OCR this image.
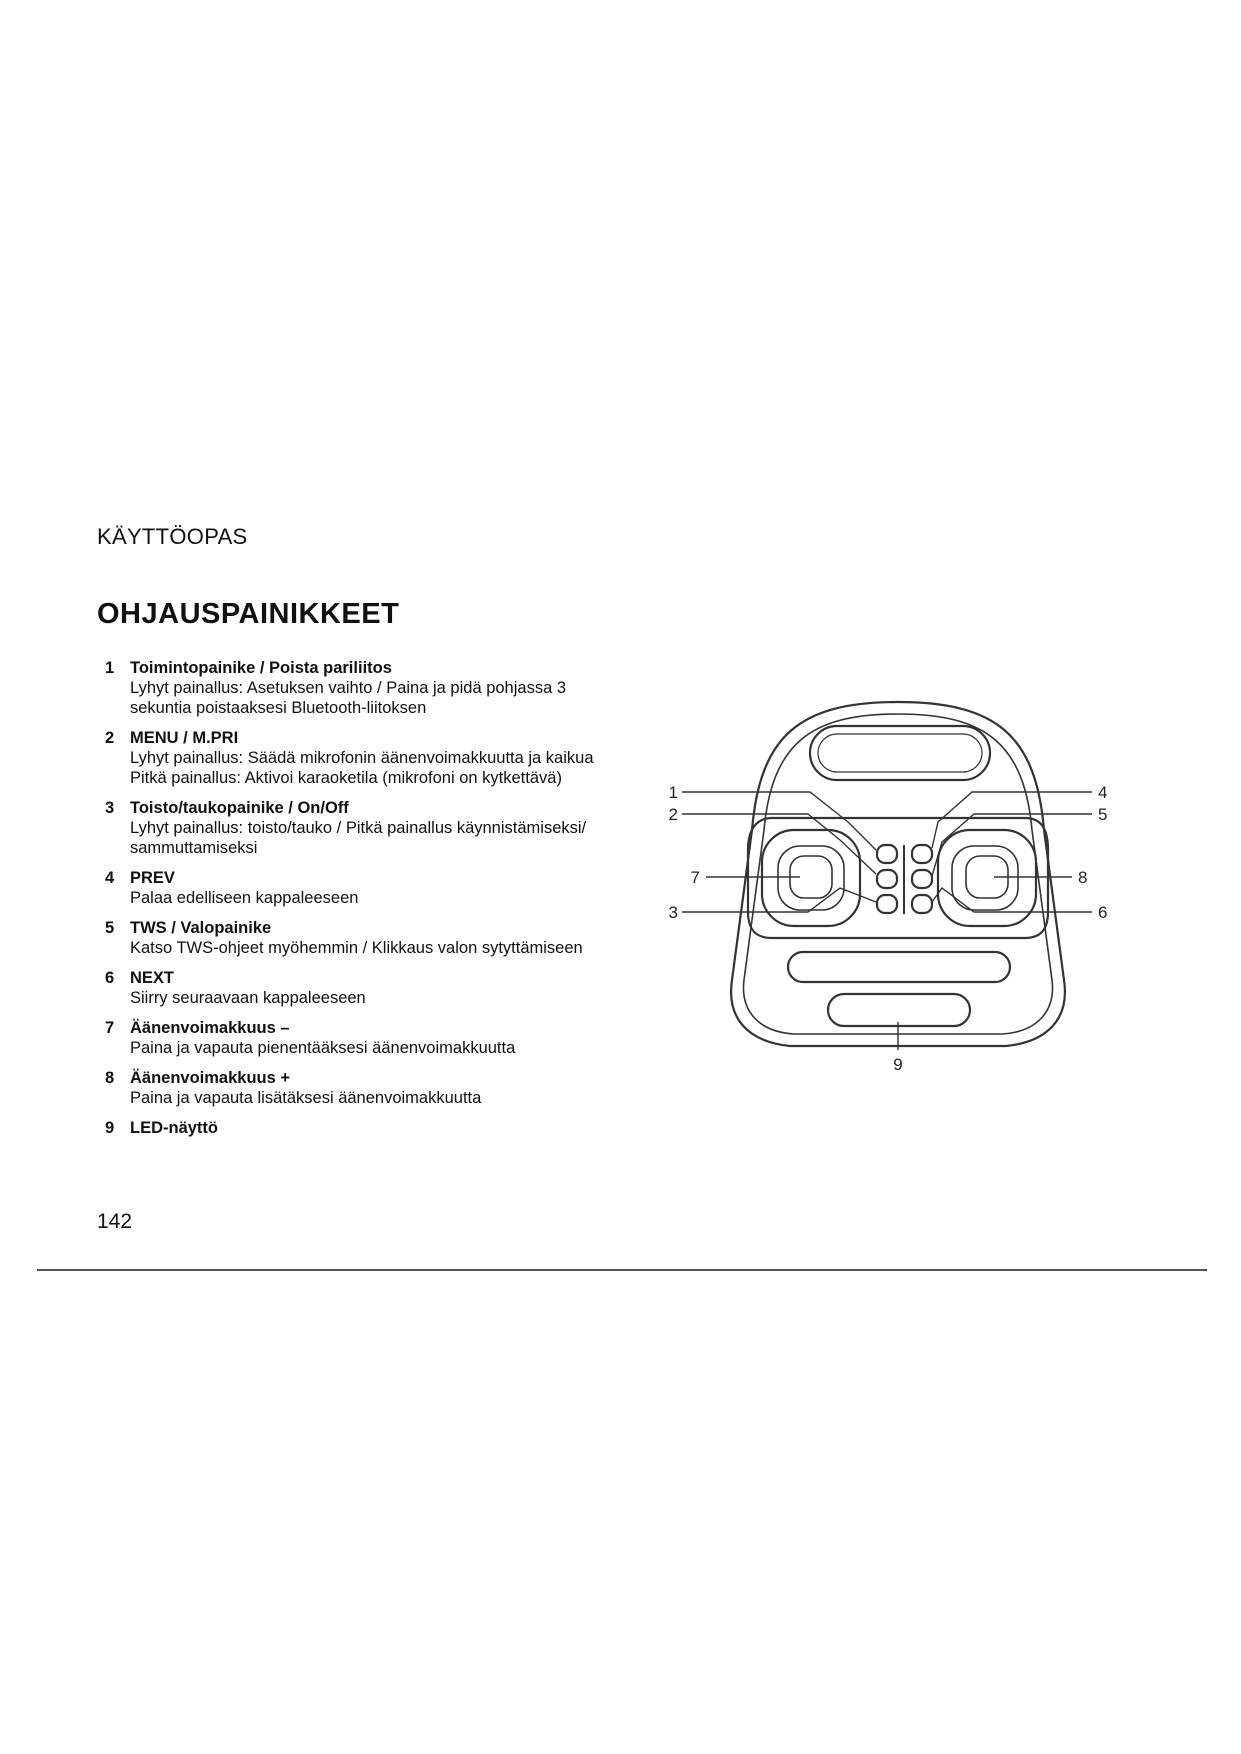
KÄYTTÖOPAS
OHJAUSPAINIKKEET
1 Toimintopainike / Poista pariliitos
Lyhyt painallus: Asetuksen vaihto / Paina ja pidä pohjassa 3
sekuntia poistaaksesi Bluetooth-liitoksen
2 MENU / M.PRI
Lyhyt painallus: Säädä mikrofonin äänenvoimakkuutta ja kaikua
Pitkä painallus: Aktivoi karaoketila (mikrofoni on kytkettävä)
3 Toisto/taukopainike / On/Off
Lyhyt painallus: toisto/tauko / Pitkä painallus käynnistämiseksi/
sammuttamiseksi
4 PREV
Palaa edelliseen kappaleeseen
5 TWS / Valopainike
Katso TWS-ohjeet myöhemmin / Klikkaus valon sytyttämiseen
6 NEXT
Siirry seuraavaan kappaleeseen
7 Äänenvoimakkuus –
Paina ja vapauta pienentääksesi äänenvoimakkuutta
8 Äänenvoimakkuus +
Paina ja vapauta lisätäksesi äänenvoimakkuutta
9 LED-näyttö
1
2
3
4
5
6
7	8
9
142
